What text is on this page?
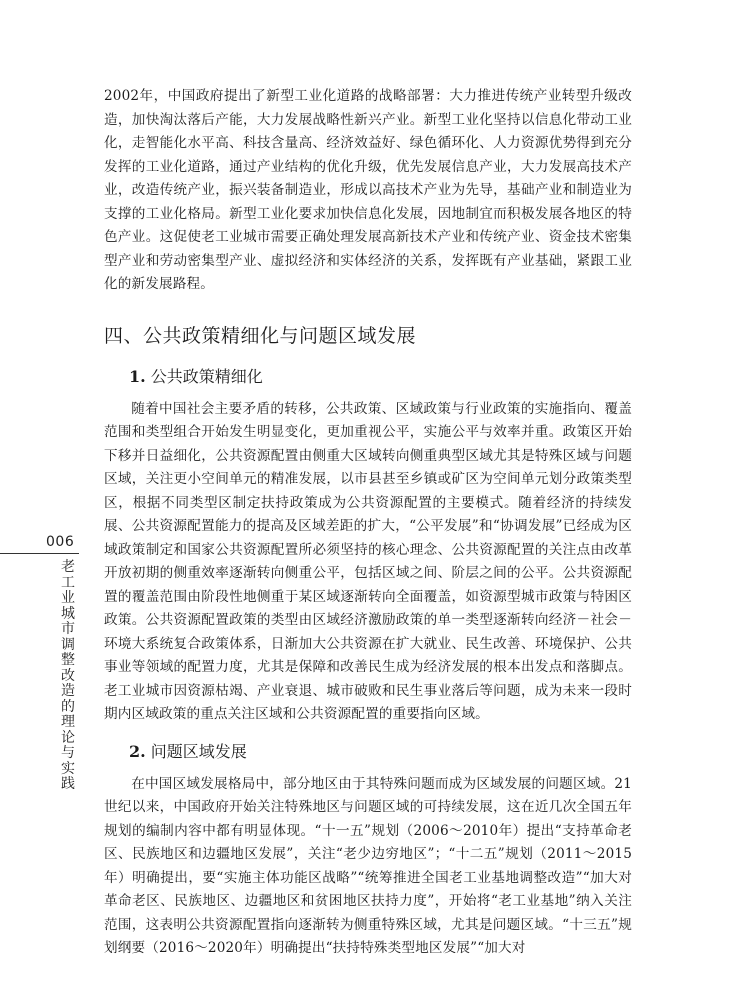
006
老工业城市调整改造的理论与实践

2002年，中国政府提出了新型工业化道路的战略部署：大力推进传统产业转型升级改造，加快淘汰落后产能，大力发展战略性新兴产业。新型工业化坚持以信息化带动工业化，走智能化水平高、科技含量高、经济效益好、绿色循环化、人力资源优势得到充分发挥的工业化道路，通过产业结构的优化升级，优先发展信息产业，大力发展高技术产业，改造传统产业，振兴装备制造业，形成以高技术产业为先导，基础产业和制造业为支撑的工业化格局。新型工业化要求加快信息化发展，因地制宜而积极发展各地区的特色产业。这促使老工业城市需要正确处理发展高新技术产业和传统产业、资金技术密集型产业和劳动密集型产业、虚拟经济和实体经济的关系，发挥既有产业基础，紧跟工业化的新发展路程。

四、公共政策精细化与问题区域发展
1. 公共政策精细化

随着中国社会主要矛盾的转移，公共政策、区域政策与行业政策的实施指向、覆盖范围和类型组合开始发生明显变化，更加重视公平，实施公平与效率并重。政策区开始下移并日益细化，公共资源配置由侧重大区域转向侧重典型区域尤其是特殊区域与问题区域，关注更小空间单元的精准发展，以市县甚至乡镇或矿区为空间单元划分政策类型区，根据不同类型区制定扶持政策成为公共资源配置的主要模式。随着经济的持续发展、公共资源配置能力的提高及区域差距的扩大，“公平发展”和“协调发展”已经成为区域政策制定和国家公共资源配置所必须坚持的核心理念、公共资源配置的关注点由改革开放初期的侧重效率逐渐转向侧重公平，包括区域之间、阶层之间的公平。公共资源配置的覆盖范围由阶段性地侧重于某区域逐渐转向全面覆盖，如资源型城市政策与特困区政策。公共资源配置政策的类型由区域经济激励政策的单一类型逐渐转向经济－社会－环境大系统复合政策体系，日渐加大公共资源在扩大就业、民生改善、环境保护、公共事业等领域的配置力度，尤其是保障和改善民生成为经济发展的根本出发点和落脚点。老工业城市因资源枯竭、产业衰退、城市破败和民生事业落后等问题，成为未来一段时期内区域政策的重点关注区域和公共资源配置的重要指向区域。

2. 问题区域发展

在中国区域发展格局中，部分地区由于其特殊问题而成为区域发展的问题区域。21世纪以来，中国政府开始关注特殊地区与问题区域的可持续发展，这在近几次全国五年规划的编制内容中都有明显体现。“十一五”规划（2006～2010年）提出“支持革命老区、民族地区和边疆地区发展”，关注“老少边穷地区”；“十二五”规划（2011～2015年）明确提出，要“实施主体功能区战略”“统筹推进全国老工业基地调整改造”“加大对革命老区、民族地区、边疆地区和贫困地区扶持力度”，开始将“老工业基地”纳入关注范围，这表明公共资源配置指向逐渐转为侧重特殊区域，尤其是问题区域。“十三五”规划纲要（2016～2020年）明确提出“扶持特殊类型地区发展”“加大对
